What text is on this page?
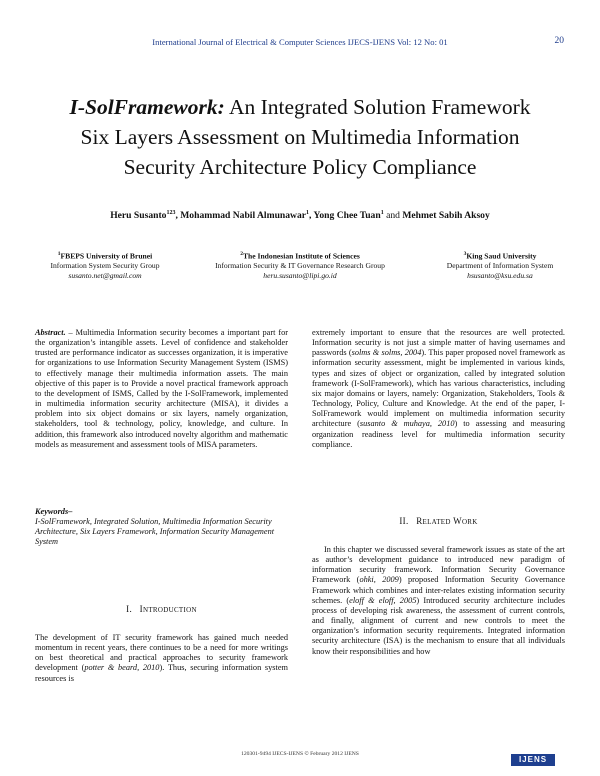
International Journal of Electrical & Computer Sciences IJECS-IJENS Vol: 12 No: 01	20
I-SolFramework: An Integrated Solution Framework
Six Layers Assessment on Multimedia Information
Security Architecture Policy Compliance
Heru Susanto$^{123}$, Mohammad Nabil Almunawar$^1$, Yong Chee Tuan$^1$ and Mehmet Sabih Aksoy
$^1$FBEPS University of Brunei
Information System Security Group
susanto.net@gmail.com
$^2$The Indonesian Institute of Sciences
Information Security & IT Governance Research Group
heru.susanto@lipi.go.id
$^3$King Saud University
Department of Information System
hsusanto@ksu.edu.sa

Abstract. – Multimedia Information security becomes a important part for the organization’s intangible assets. Level of confidence and stakeholder trusted are performance indicator as successes organization, it is imperative for organizations to use Information Security Management System (ISMS) to effectively manage their multimedia information assets. The main objective of this paper is to Provide a novel practical framework approach to the development of ISMS, Called by the I-SolFramework, implemented in multimedia information security architecture (MISA), it divides a problem into six object domains or six layers, namely organization, stakeholders, tool & technology, policy, knowledge, and culture. In addition, this framework also introduced novelty algorithm and mathematic models as measurement and assessment tools of MISA parameters.

Keywords–

I-SolFramework, Integrated Solution, Multimedia Information Security Architecture, Six Layers Framework, Information Security Management System

I. INTRODUCTION

The development of IT security framework has gained much needed momentum in recent years, there continues to be a need for more writings on best theoretical and practical approaches to security framework development (potter & beard, 2010). Thus, securing information system resources is

extremely important to ensure that the resources are well protected. Information security is not just a simple matter of having usernames and passwords (solms & solms, 2004). This paper proposed novel framework as information security assessment, might be implemented in various kinds, types and sizes of object or organization, called by integrated solution framework (I-SolFramework), which has various characteristics, including six major domains or layers, namely: Organization, Stakeholders, Tools & Technology, Policy, Culture and Knowledge. At the end of the paper, I-SolFramework would implement on multimedia information security architecture (susanto & muhaya, 2010) to assessing and measuring organization readiness level for multimedia information security compliance.

II. RELATED WORK

In this chapter we discussed several framework issues as state of the art as author’s development guidance to introduced new paradigm of information security framework. Information Security Governance Framework (ohki, 2009) proposed Information Security Governance Framework which combines and inter-relates existing information security schemes. (eloff & eloff, 2005) Introduced security architecture includes process of developing risk awareness, the assessment of current controls, and finally, alignment of current and new controls to meet the organization’s information security requirements. Integrated information security architecture (ISA) is the mechanism to ensure that all individuals know their responsibilities and how

120301-9494 IJECS-IJENS © February 2012 IJENS
IJENS
